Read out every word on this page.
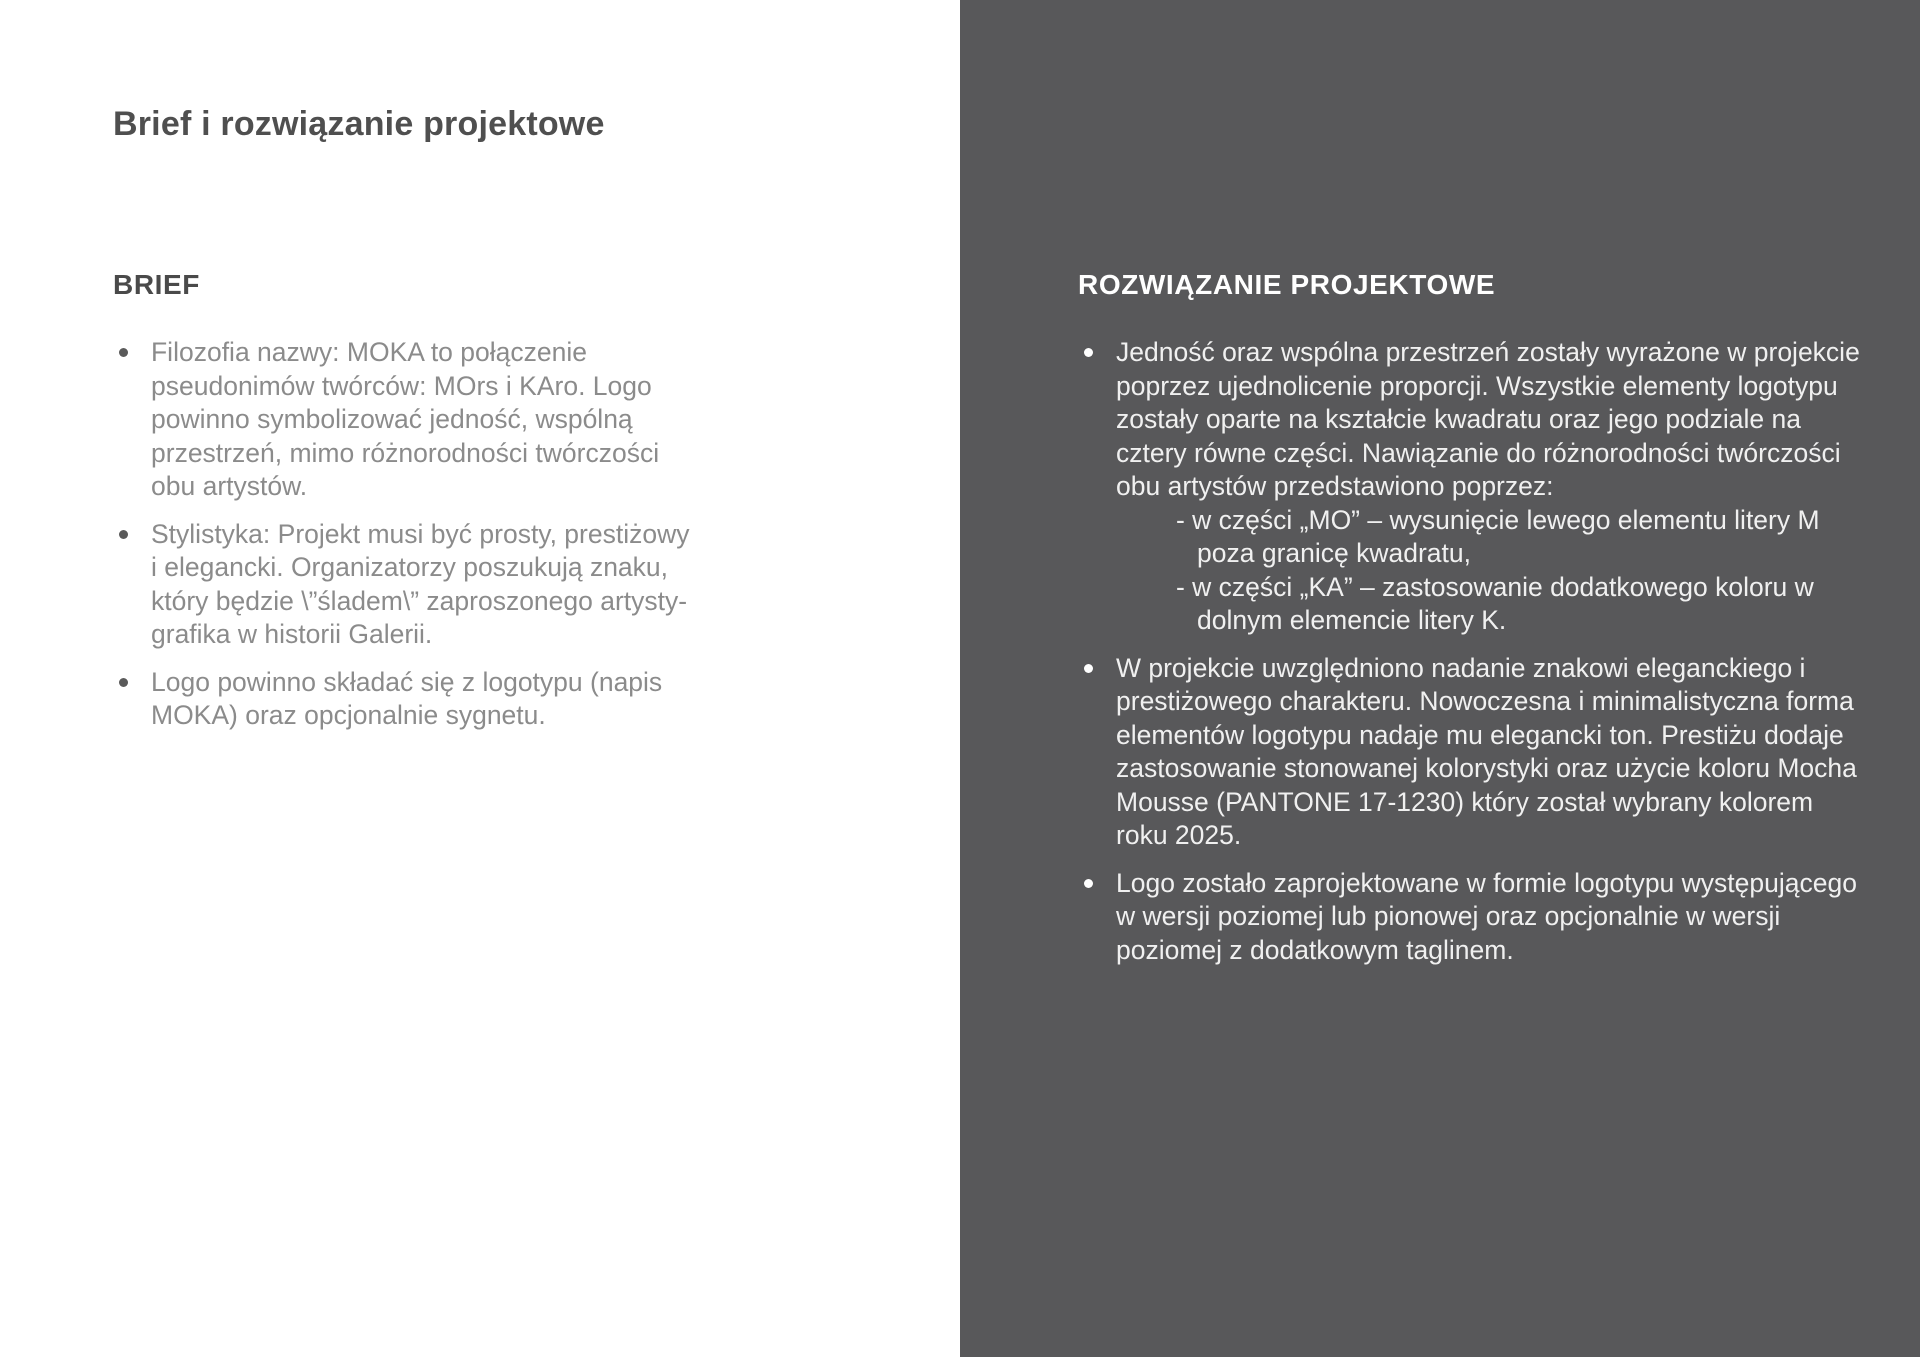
Brief i rozwiązanie projektowe
BRIEF
Filozofia nazwy: MOKA to połączenie pseudonimów twórców: MOrs i KAro. Logo powinno symbolizować jedność, wspólną przestrzeń, mimo różnorodności twórczości obu artystów.
Stylistyka: Projekt musi być prosty, prestiżowy i elegancki. Organizatorzy poszukują znaku, który będzie \”śladem\” zaproszonego artysty-grafika w historii Galerii.
Logo powinno składać się z logotypu (napis MOKA) oraz opcjonalnie sygnetu.
ROZWIĄZANIE PROJEKTOWE
Jedność oraz wspólna przestrzeń zostały wyrażone w projekcie poprzez ujednolicenie proporcji. Wszystkie elementy logotypu zostały oparte na kształcie kwadratu oraz jego podziale na cztery równe części. Nawiązanie do różnorodności twórczości obu artystów przedstawiono poprzez:
- w części „MO” – wysunięcie lewego elementu litery M poza granicę kwadratu,
- w części „KA” – zastosowanie dodatkowego koloru w dolnym elemencie litery K.
W projekcie uwzględniono nadanie znakowi eleganckiego i prestiżowego charakteru. Nowoczesna i minimalistyczna forma elementów logotypu nadaje mu elegancki ton. Prestiżu dodaje zastosowanie stonowanej kolorystyki oraz użycie koloru Mocha Mousse (PANTONE 17-1230) który został wybrany kolorem roku 2025.
Logo zostało zaprojektowane w formie logotypu występującego w wersji poziomej lub pionowej oraz opcjonalnie w wersji poziomej z dodatkowym taglinem.
